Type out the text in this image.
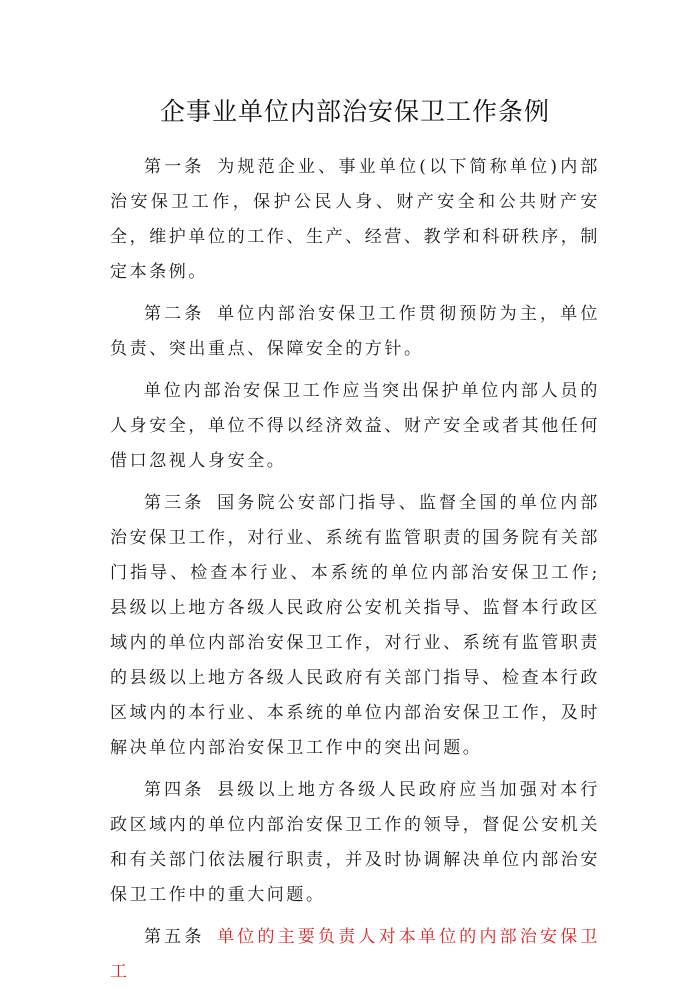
企事业单位内部治安保卫工作条例

第一条 为规范企业、事业单位(以下简称单位)内部治安保卫工作，保护公民人身、财产安全和公共财产安全，维护单位的工作、生产、经营、教学和科研秩序，制定本条例。

第二条 单位内部治安保卫工作贯彻预防为主，单位负责、突出重点、保障安全的方针。

单位内部治安保卫工作应当突出保护单位内部人员的人身安全，单位不得以经济效益、财产安全或者其他任何借口忽视人身安全。

第三条 国务院公安部门指导、监督全国的单位内部治安保卫工作，对行业、系统有监管职责的国务院有关部门指导、检查本行业、本系统的单位内部治安保卫工作;县级以上地方各级人民政府公安机关指导、监督本行政区域内的单位内部治安保卫工作，对行业、系统有监管职责的县级以上地方各级人民政府有关部门指导、检查本行政区域内的本行业、本系统的单位内部治安保卫工作，及时解决单位内部治安保卫工作中的突出问题。

第四条 县级以上地方各级人民政府应当加强对本行政区域内的单位内部治安保卫工作的领导，督促公安机关和有关部门依法履行职责，并及时协调解决单位内部治安保卫工作中的重大问题。

第五条 单位的主要负责人对本单位的内部治安保卫工
